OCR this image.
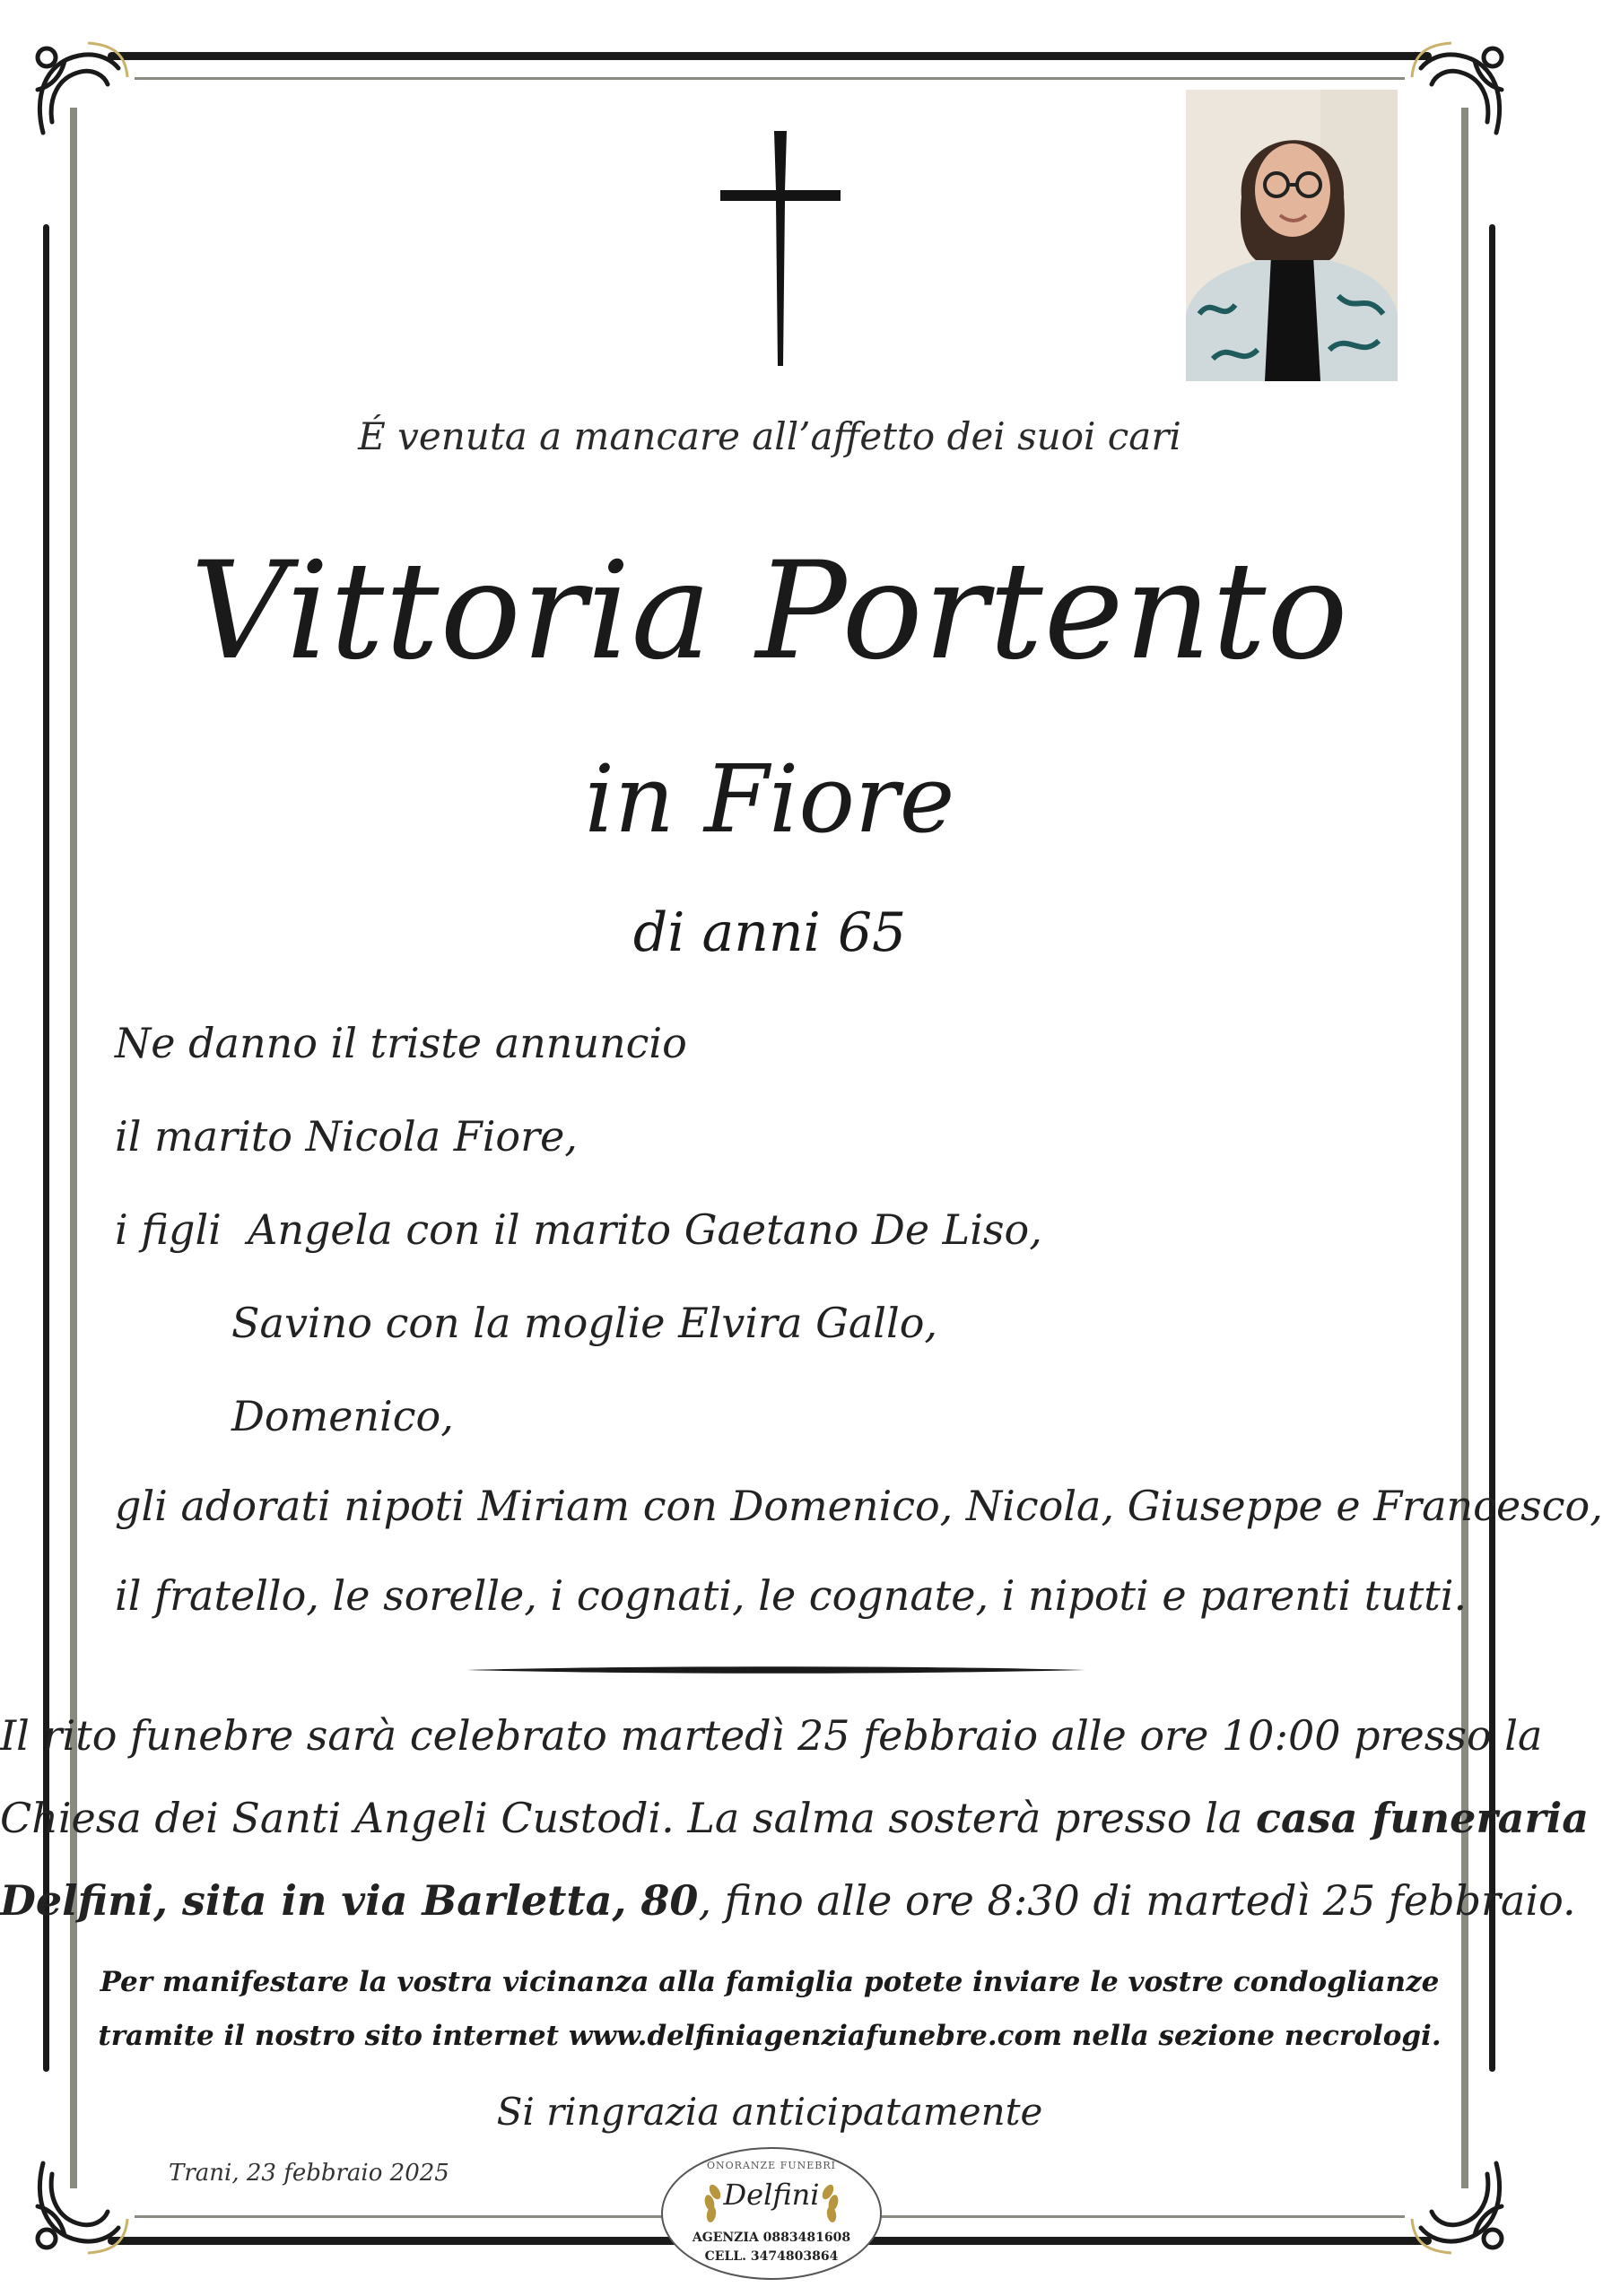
É venuta a mancare all’affetto dei suoi cari
Vittoria Portento
in Fiore
di anni 65
Ne danno il triste annuncio
il marito Nicola Fiore,
i figli  Angela con il marito Gaetano De Liso,
Savino con la moglie Elvira Gallo,
Domenico,
gli adorati nipoti Miriam con Domenico, Nicola, Giuseppe e Francesco,
il fratello, le sorelle, i cognati, le cognate, i nipoti e parenti tutti.
Il rito funebre sarà celebrato martedì 25 febbraio alle ore 10:00 presso la
Chiesa dei Santi Angeli Custodi. La salma sosterà presso la casa funeraria
Delfini, sita in via Barletta, 80, fino alle ore 8:30 di martedì 25 febbraio.
Per manifestare la vostra vicinanza alla famiglia potete inviare le vostre condoglianze
tramite il nostro sito internet www.delfiniagenziafunebre.com nella sezione necrologi.
Si ringrazia anticipatamente
Trani, 23 febbraio 2025	ONORANZE FUNEBRI
Delfini
AGENZIA 0883481608
CELL. 3474803864
